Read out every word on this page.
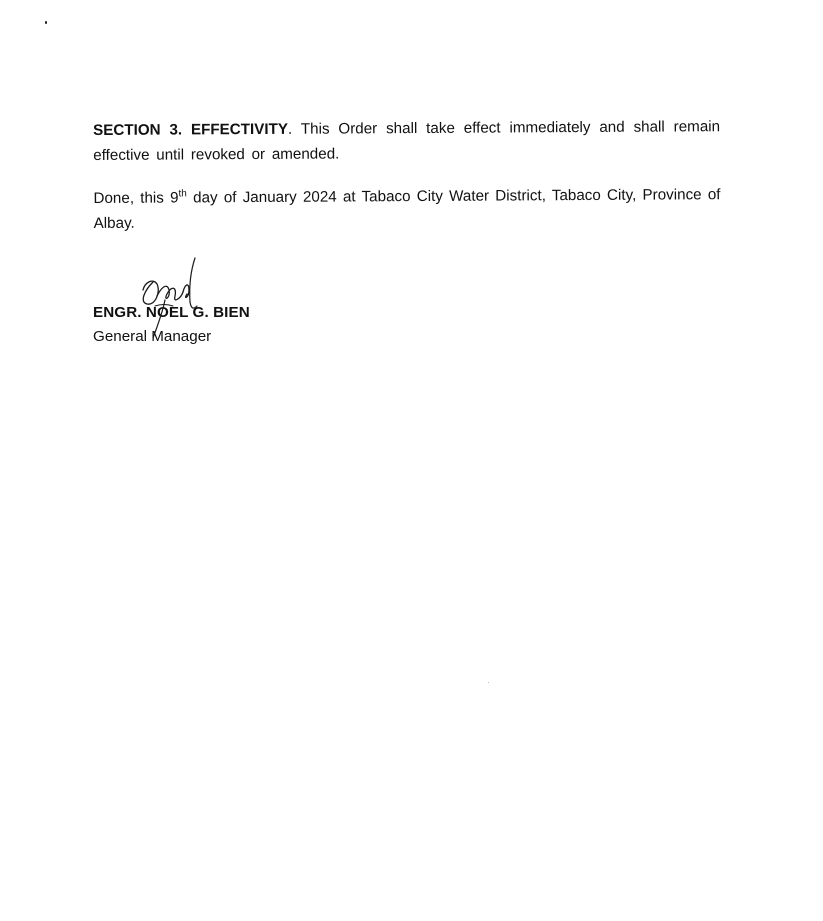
SECTION 3. EFFECTIVITY. This Order shall take effect immediately and shall remain effective until revoked or amended.

Done, this 9th day of January 2024 at Tabaco City Water District, Tabaco City, Province of Albay.

ENGR. NOEL G. BIEN
General Manager
